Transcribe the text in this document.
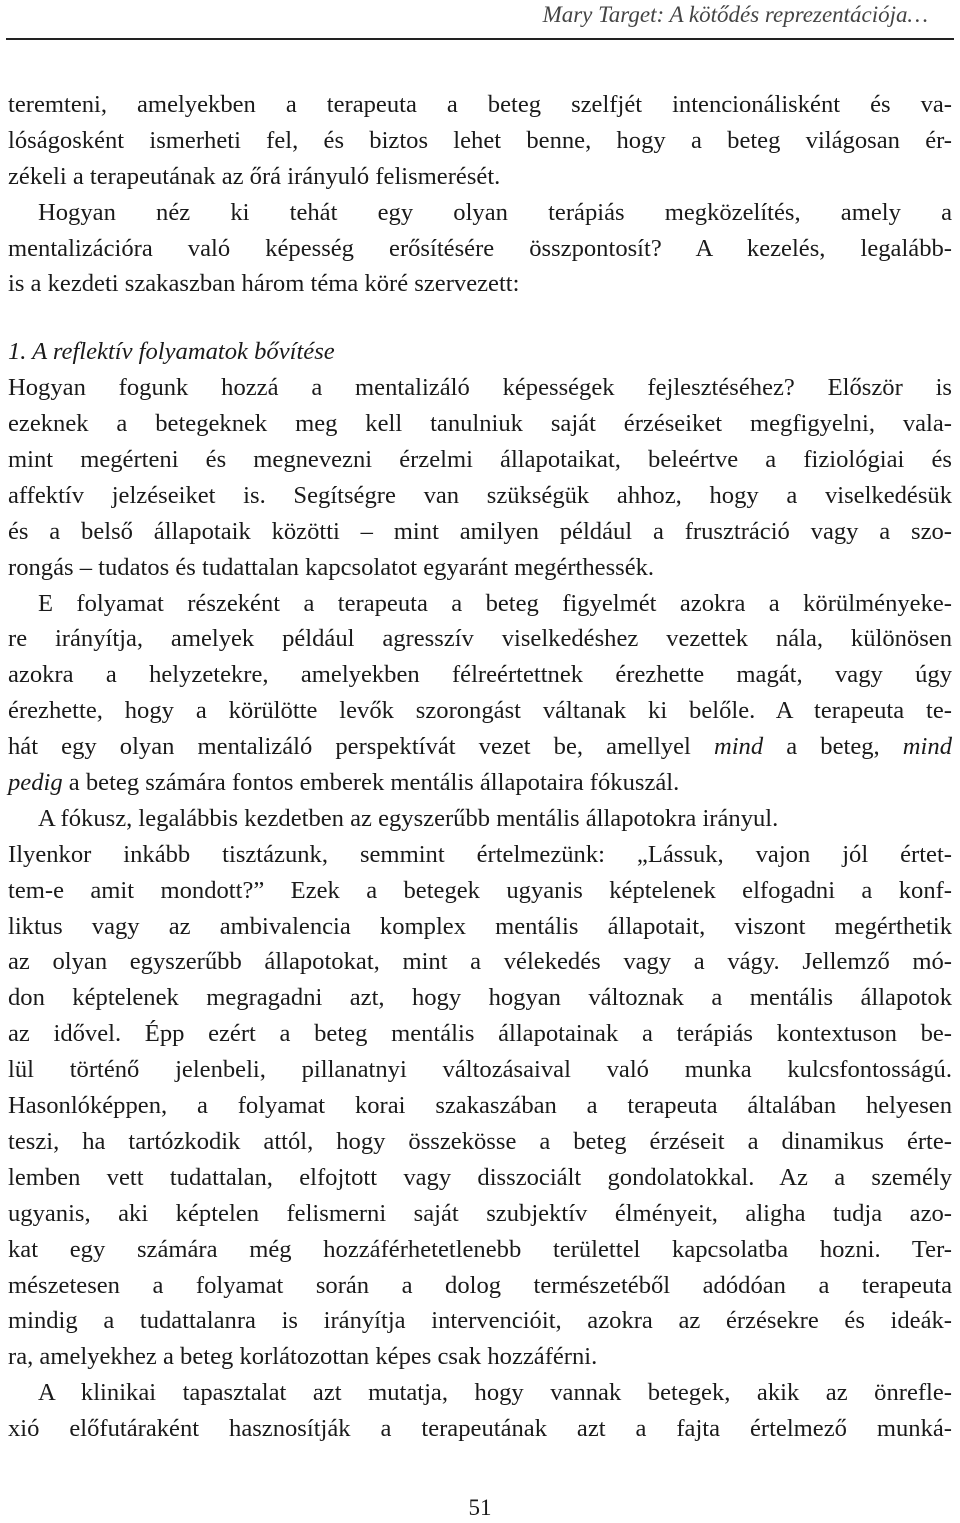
Mary Target: A kötődés reprezentációja…
teremteni, amelyekben a terapeuta a beteg szelfjét intencionálisként és va-
lóságosként ismerheti fel, és biztos lehet benne, hogy a beteg világosan ér-
zékeli a terapeutának az őrá irányuló felismerését.
Hogyan néz ki tehát egy olyan terápiás megközelítés, amely a
mentalizációra való képesség erősítésére összpontosít? A kezelés, legalább-
is a kezdeti szakaszban három téma köré szervezett:
1. A reflektív folyamatok bővítése
Hogyan fogunk hozzá a mentalizáló képességek fejlesztéséhez? Először is
ezeknek a betegeknek meg kell tanulniuk saját érzéseiket megfigyelni, vala-
mint megérteni és megnevezni érzelmi állapotaikat, beleértve a fiziológiai és
affektív jelzéseiket is. Segítségre van szükségük ahhoz, hogy a viselkedésük
és a belső állapotaik közötti – mint amilyen például a frusztráció vagy a szo-
rongás – tudatos és tudattalan kapcsolatot egyaránt megérthessék.
E folyamat részeként a terapeuta a beteg figyelmét azokra a körülményeke-
re irányítja, amelyek például agresszív viselkedéshez vezettek nála, különösen
azokra a helyzetekre, amelyekben félreértettnek érezhette magát, vagy úgy
érezhette, hogy a körülötte levők szorongást váltanak ki belőle. A terapeuta te-
hát egy olyan mentalizáló perspektívát vezet be, amellyel mind a beteg, mind
pedig a beteg számára fontos emberek mentális állapotaira fókuszál.
A fókusz, legalábbis kezdetben az egyszerűbb mentális állapotokra irányul.
Ilyenkor inkább tisztázunk, semmint értelmezünk: „Lássuk, vajon jól értet-
tem-e amit mondott?” Ezek a betegek ugyanis képtelenek elfogadni a konf-
liktus vagy az ambivalencia komplex mentális állapotait, viszont megérthetik
az olyan egyszerűbb állapotokat, mint a vélekedés vagy a vágy. Jellemző mó-
don képtelenek megragadni azt, hogy hogyan változnak a mentális állapotok
az idővel. Épp ezért a beteg mentális állapotainak a terápiás kontextuson be-
lül történő jelenbeli, pillanatnyi változásaival való munka kulcsfontosságú.
Hasonlóképpen, a folyamat korai szakaszában a terapeuta általában helyesen
teszi, ha tartózkodik attól, hogy összekösse a beteg érzéseit a dinamikus érte-
lemben vett tudattalan, elfojtott vagy disszociált gondolatokkal. Az a személy
ugyanis, aki képtelen felismerni saját szubjektív élményeit, aligha tudja azo-
kat egy számára még hozzáférhetetlenebb területtel kapcsolatba hozni. Ter-
mészetesen a folyamat során a dolog természetéből adódóan a terapeuta
mindig a tudattalanra is irányítja intervencióit, azokra az érzésekre és ideák-
ra, amelyekhez a beteg korlátozottan képes csak hozzáférni.
A klinikai tapasztalat azt mutatja, hogy vannak betegek, akik az önrefle-
xió előfutáraként hasznosítják a terapeutának azt a fajta értelmező munká-
51
